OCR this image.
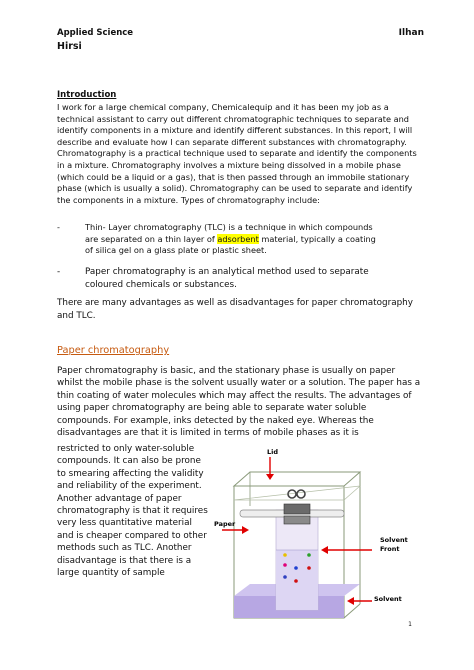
Applied Science
Hirsi
Ilhan
Introduction

I work for a large chemical company, Chemicalequip and it has been my job as a technical assistant to carry out different chromatographic techniques to separate and identify components in a mixture and identify different substances. In this report, I will describe and evaluate how I can separate different substances with chromatography. Chromatography is a practical technique used to separate and identify the components in a mixture. Chromatography involves a mixture being dissolved in a mobile phase (which could be a liquid or a gas), that is then passed through an immobile stationary phase (which is usually a solid). Chromatography can be used to separate and identify the components in a mixture. Types of chromatography include:

-	Thin- Layer chromatography (TLC) is a technique in which compounds are separated on a thin layer of adsorbent material, typically a coating of silica gel on a glass plate or plastic sheet.
-	Paper chromatography is an analytical method used to separate coloured chemicals or substances.

There are many advantages as well as disadvantages for paper chromatography and TLC.

Paper chromatography

Paper chromatography is basic, and the stationary phase is usually on paper whilst the mobile phase is the solvent usually water or a solution. The paper has a thin coating of water molecules which may affect the results. The advantages of using paper chromatography are being able to separate water soluble compounds. For example, inks detected by the naked eye. Whereas the disadvantages are that it is limited in terms of mobile phases as it is

restricted to only water-soluble compounds. It can also be prone to smearing affecting the validity and reliability of the experiment. Another advantage of paper chromatography is that it requires very less quantitative material and is cheaper compared to other methods such as TLC. Another disadvantage is that there is a large quantity of sample

Lid
Paper
Solvent
Front
Solvent
1
